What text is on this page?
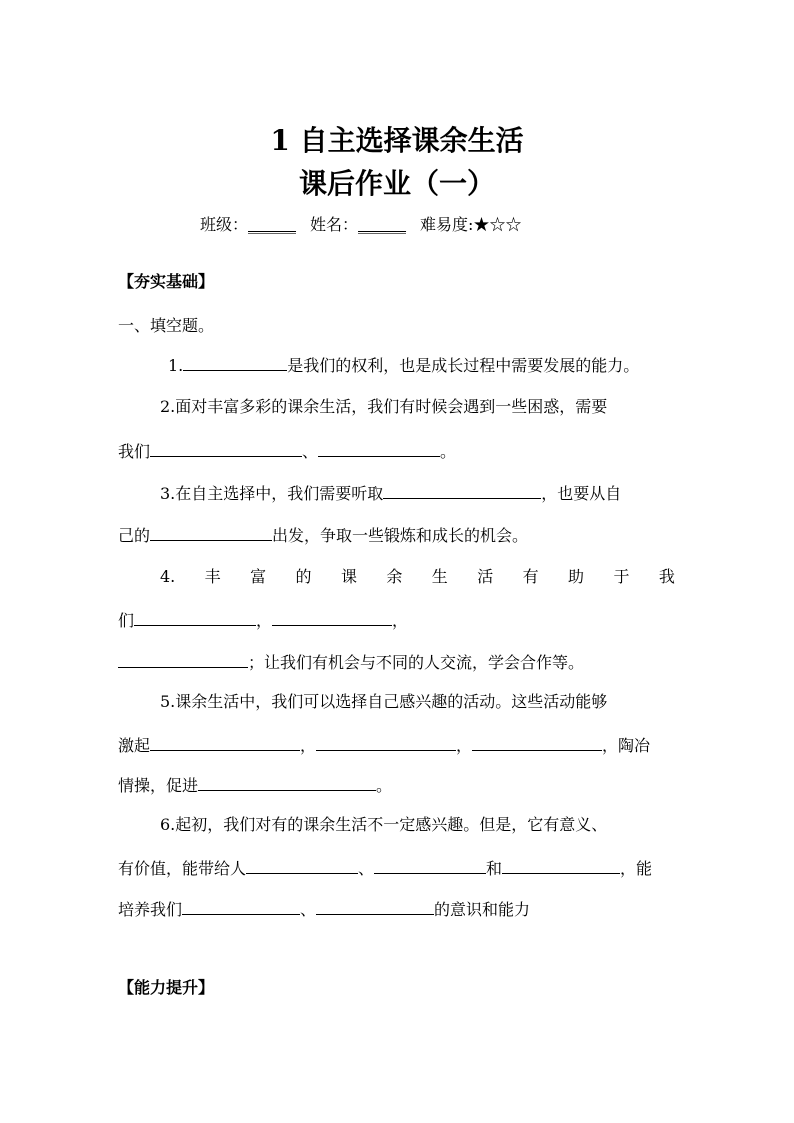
1 自主选择课余生活
课后作业（一）
班级：______ 姓名：______ 难易度:★☆☆
【夯实基础】
一、填空题。
1.	是我们的权利，也是成长过程中需要发展的能力。
2.面对丰富多彩的课余生活，我们有时候会遇到一些困惑，需要
我们	、	。
3.在自主选择中，我们需要听取	，也要从自
己的	出发，争取一些锻炼和成长的机会。
4. 丰 富 的 课 余 生 活 有 助 于 我
们	，	，
；让我们有机会与不同的人交流，学会合作等。
5.课余生活中，我们可以选择自己感兴趣的活动。这些活动能够
激起	，	，	，陶冶
情操，促进	。
6.起初，我们对有的课余生活不一定感兴趣。但是，它有意义、
有价值，能带给人	、	和	，能
培养我们	、	的意识和能力
【能力提升】
